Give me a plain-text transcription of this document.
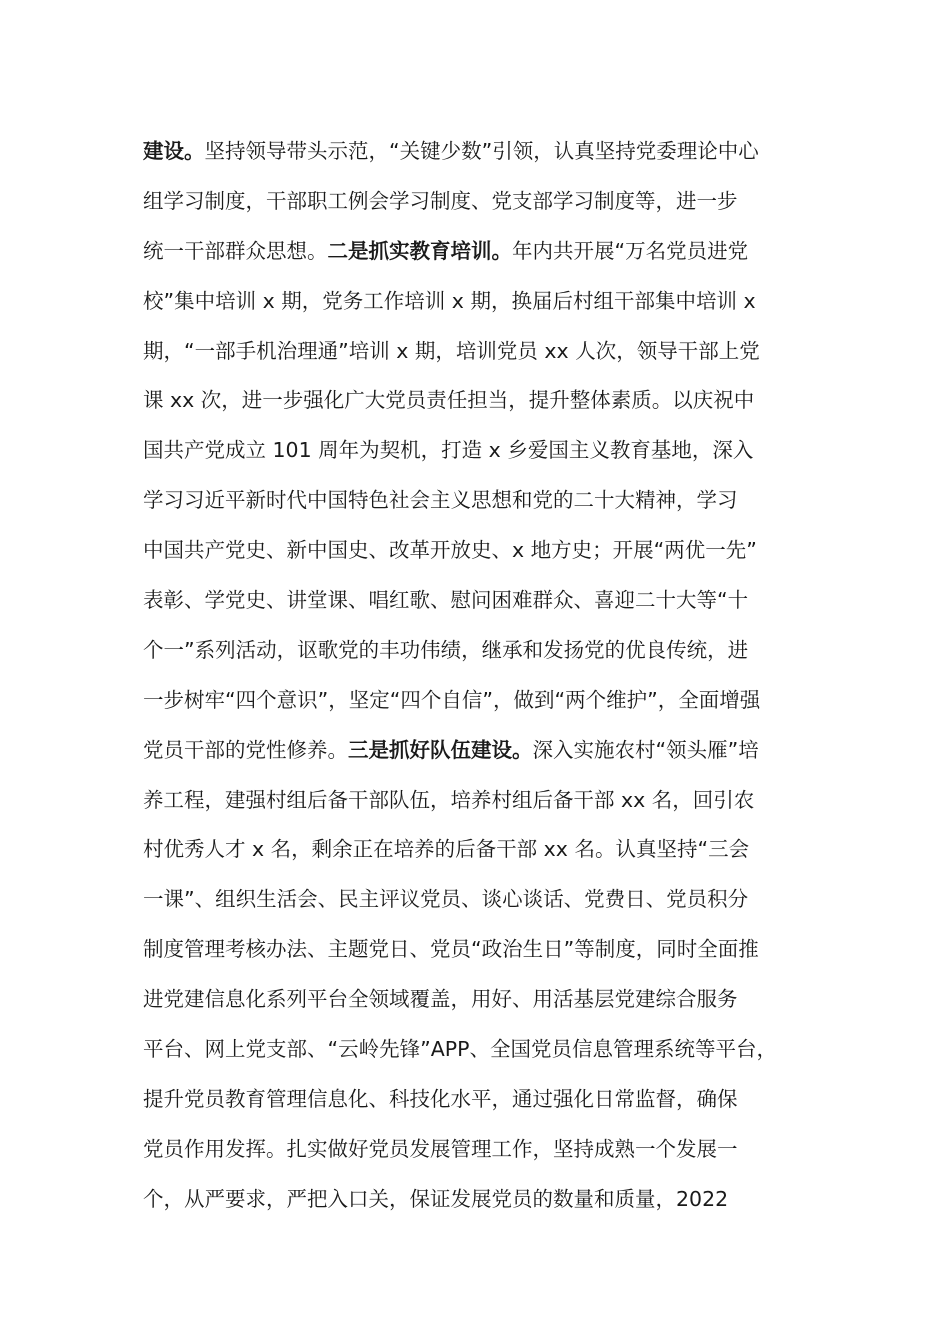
建设。坚持领导带头示范，“关键少数”引领，认真坚持党委理论中心
组学习制度，干部职工例会学习制度、党支部学习制度等，进一步
统一干部群众思想。二是抓实教育培训。年内共开展“万名党员进党
校”集中培训 x 期，党务工作培训 x 期，换届后村组干部集中培训 x
期，“一部手机治理通”培训 x 期，培训党员 xx 人次，领导干部上党
课 xx 次，进一步强化广大党员责任担当，提升整体素质。以庆祝中
国共产党成立 101 周年为契机，打造 x 乡爱国主义教育基地，深入
学习习近平新时代中国特色社会主义思想和党的二十大精神，学习
中国共产党史、新中国史、改革开放史、x 地方史；开展“两优一先”
表彰、学党史、讲堂课、唱红歌、慰问困难群众、喜迎二十大等“十
个一”系列活动，讴歌党的丰功伟绩，继承和发扬党的优良传统，进
一步树牢“四个意识”，坚定“四个自信”，做到“两个维护”，全面增强
党员干部的党性修养。三是抓好队伍建设。深入实施农村“领头雁”培
养工程，建强村组后备干部队伍，培养村组后备干部 xx 名，回引农
村优秀人才 x 名，剩余正在培养的后备干部 xx 名。认真坚持“三会
一课”、组织生活会、民主评议党员、谈心谈话、党费日、党员积分
制度管理考核办法、主题党日、党员“政治生日”等制度，同时全面推
进党建信息化系列平台全领域覆盖，用好、用活基层党建综合服务
平台、网上党支部、“云岭先锋”APP、全国党员信息管理系统等平台，
提升党员教育管理信息化、科技化水平，通过强化日常监督，确保
党员作用发挥。扎实做好党员发展管理工作，坚持成熟一个发展一
个，从严要求，严把入口关，保证发展党员的数量和质量，2022
